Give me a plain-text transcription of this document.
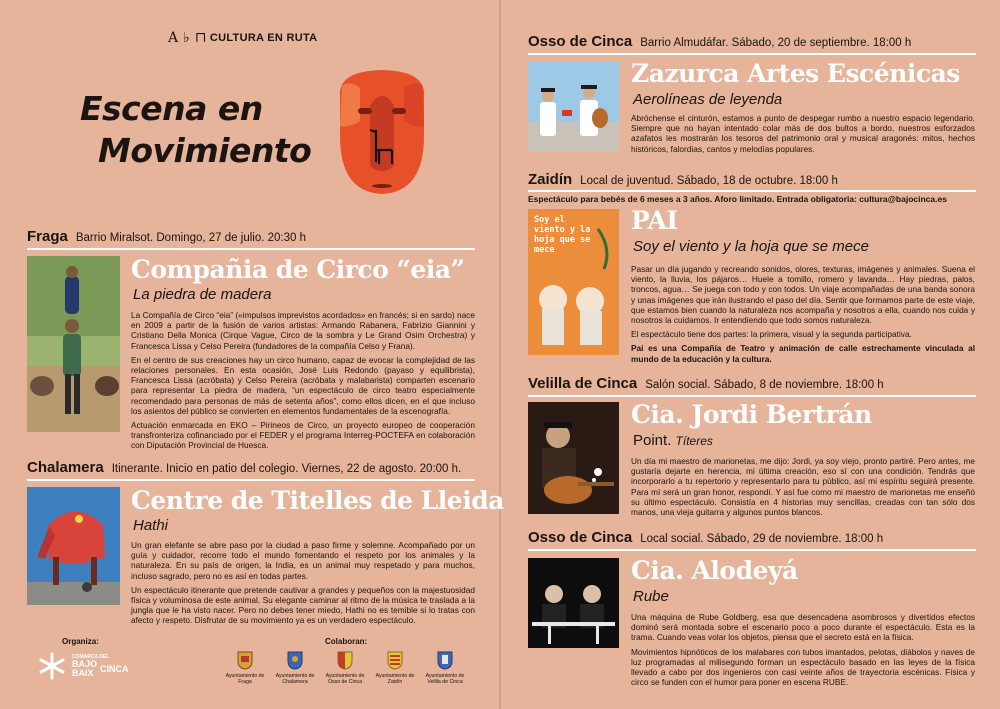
A ♭ ⊓ CULTURA EN RUTA
Escena en
Movimiento
Fraga Barrio Miralsot. Domingo, 27 de julio. 20:30 h
Compañia de Circo “eia”
La piedra de madera

La Compañía de Circo “eia” («impulsos imprevistos acordados» en francés; si en sardo) nace en 2009 a partir de la fusión de varios artistas: Armando Rabanera, Fabrizio Giannini y Cristiano Della Monica (Cirque Vague, Circo de la sombra y Le Grand Osim Orchestra) y Francesca Lissa y Celso Pereira (fundadores de la compañía Celso y Frana).

En el centro de sus creaciones hay un circo humano, capaz de evocar la complejidad de las relaciones personales. En esta ocasión, José Luis Redondo (payaso y equilibrista), Francesca Lissa (acróbata) y Celso Pereira (acróbata y malabarista) comparten escenario para representar La piedra de madera, “un espectáculo de circo teatro especialmente recomendado para personas de más de setenta años”, como ellos dicen, en el que incluso los asientos del público se convierten en elementos fundamentales de la escenografía.

Actuación enmarcada en EKO – Pirineos de Circo, un proyecto europeo de cooperación transfronteriza cofinanciado por el FEDER y el programa Interreg-POCTEFA en colaboración con Diputación Provincial de Huesca.

Chalamera Itinerante. Inicio en patio del colegio. Viernes, 22 de agosto. 20:00 h.
Centre de Titelles de Lleida
Hathi

Un gran elefante se abre paso por la ciudad a paso firme y solemne. Acompañado por un guía y cuidador, recorre todo el mundo fomentando el respeto por los animales y la naturaleza. En su país de origen, la India, es un animal muy respetado y para muchos, incluso sagrado, pero no es así en todas partes.

Un espectáculo itinerante que pretende cautivar a grandes y pequeños con la majestuosidad física y voluminosa de este animal. Su elegante caminar al ritmo de la música te traslada a la jungla que le ha visto nacer. Pero no debes tener miedo, Hathi no es temible si lo tratas con afecto y respeto. Disfrutar de su movimiento ya es un verdadero espectáculo.

Organiza:
COMARCA DEL
BAJO
BAIX CINCA
Colaboran:
Ayuntamiento de Fraga
Ayuntamiento de Chalamera
Ayuntamiento de Osso de Cinca
Ayuntamiento de Zaidín
Ayuntamiento de Velilla de Cinca
Osso de Cinca Barrio Almudáfar. Sábado, 20 de septiembre. 18:00 h
Zazurca Artes Escénicas
Aerolíneas de leyenda

Abróchense el cinturón, estamos a punto de despegar rumbo a nuestro espacio legendario. Siempre que no hayan intentado colar más de dos bultos a bordo, nuestros esforzados azafatos les mostrarán los tesoros del patrimonio oral y musical aragonés: mitos, hechos históricos, falordias, cantos y melodías populares.

Zaidín Local de juventud. Sábado, 18 de octubre. 18:00 h
Espectáculo para bebés de 6 meses a 3 años. Aforo limitado. Entrada obligatoria: cultura@bajocinca.es
Soy el viento y la hoja que se mece
PAI
Soy el viento y la hoja que se mece

Pasar un día jugando y recreando sonidos, olores, texturas, imágenes y animales. Suena el viento, la lluvia, los pájaros… Huele a tomillo, romero y lavanda… Hay piedras, palos, troncos, agua… Se juega con todo y con todos. Un viaje acompañadas de una banda sonora y unas imágenes que irán ilustrando el paso del día. Sentir que formamos parte de este viaje, que estamos bien cuando la naturaleza nos acompaña y nosotros a ella, cuando nos cuida y nosotros la cuidamos. Ir entendiendo que todo somos naturaleza.

El espectáculo tiene dos partes: la primera, visual y la segunda participativa.

Pai es una Compañía de Teatro y animación de calle estrechamente vinculada al mundo de la educación y la cultura.

Velilla de Cinca Salón social. Sábado, 8 de noviembre. 18:00 h
Cia. Jordi Bertrán
Point. Títeres

Un día mi maestro de marionetas, me dijo: Jordi, ya soy viejo, pronto partiré. Pero antes, me gustaría dejarte en herencia, mi última creación, eso sí con una condición. Tendrás que incorporarlo a tu repertorio y representarlo para tu público, así mi espíritu seguirá presente. Para mí será un gran honor, respondí. Y así fue como mi maestro de marionetas me enseñó su último espectáculo. Consistía en 4 historias muy sencillas, creadas con tan sólo dos manos, una vieja guitarra y algunos puntos blancos.

Osso de Cinca Local social. Sábado, 29 de noviembre. 18:00 h
Cia. Alodeyá
Rube

Una máquina de Rube Goldberg, esa que desencadena asombrosos y divertidos efectos dominó será montada sobre el escenario poco a poco durante el espectáculo. Esta es la trama. Cuando veas volar los objetos, piensa que el secreto está en la física.

Movimientos hipnóticos de los malabares con tubos imantados, pelotas, diábolos y naves de luz programadas al milisegundo forman un espectáculo basado en las leyes de la física llevado a cabo por dos ingenieros con casi veinte años de trayectoria escénicas. Física y circo se funden con el humor para poner en escena RUBE.
